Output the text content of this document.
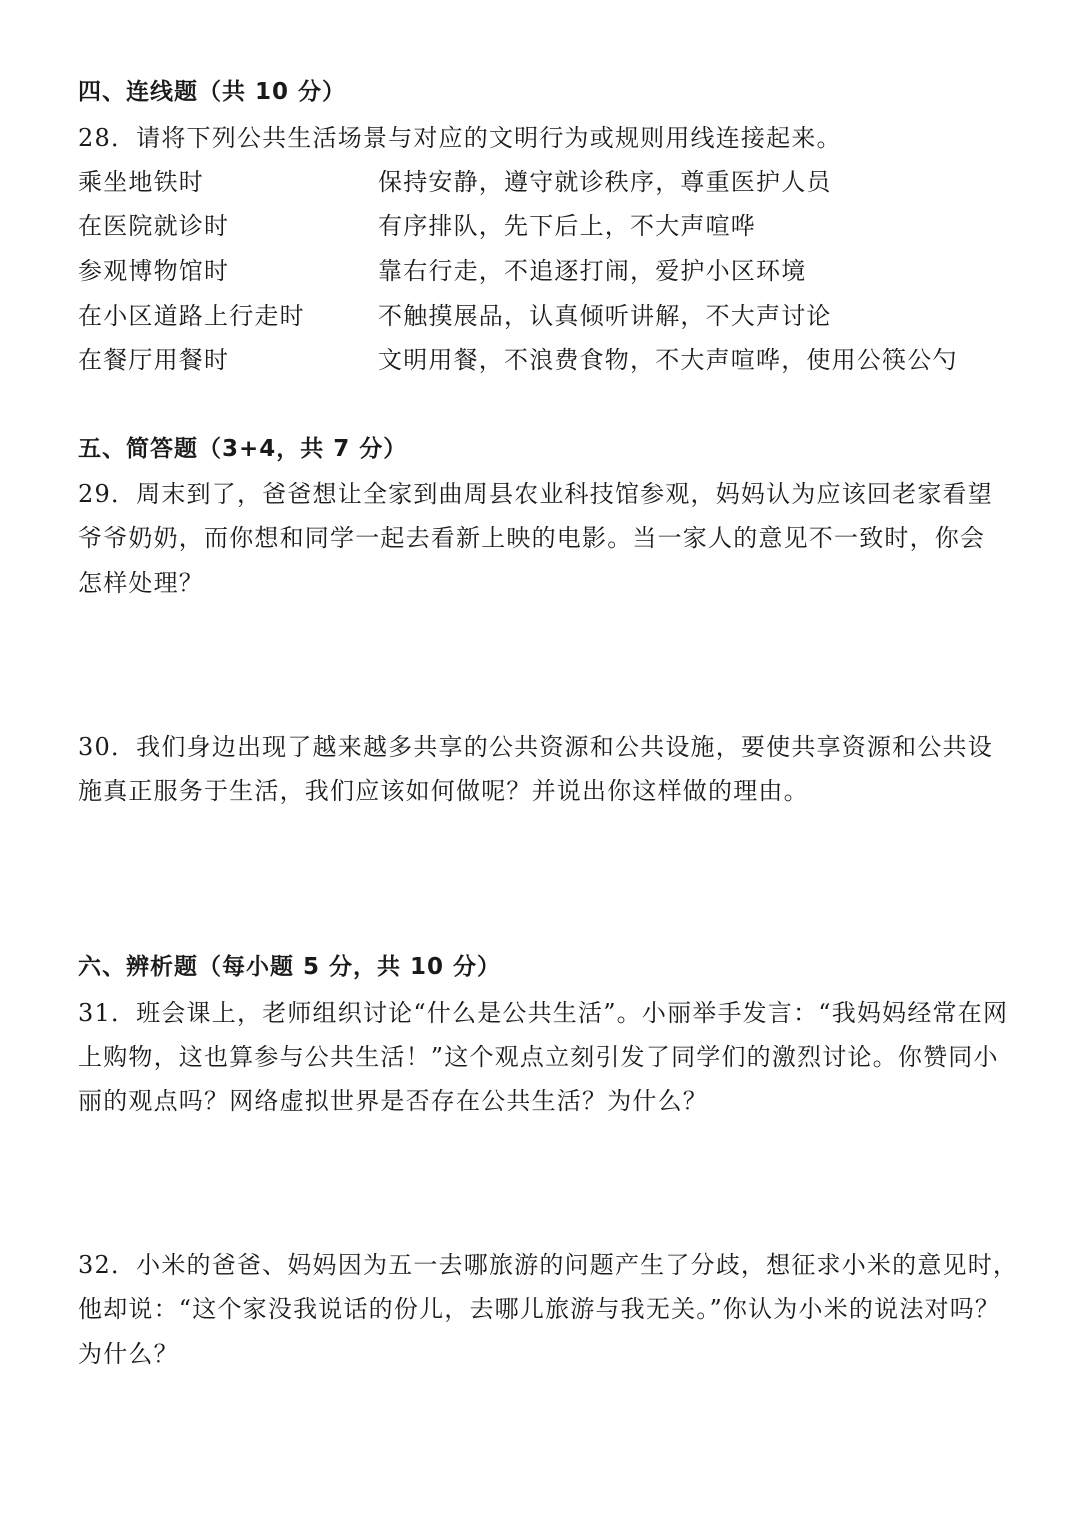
四、连线题（共 10 分）
28．请将下列公共生活场景与对应的文明行为或规则用线连接起来。
乘坐地铁时	保持安静，遵守就诊秩序，尊重医护人员
在医院就诊时	有序排队，先下后上，不大声喧哗
参观博物馆时	靠右行走，不追逐打闹，爱护小区环境
在小区道路上行走时	不触摸展品，认真倾听讲解，不大声讨论
在餐厅用餐时	文明用餐，不浪费食物，不大声喧哗，使用公筷公勺
五、简答题（3+4，共 7 分）
29．周末到了，爸爸想让全家到曲周县农业科技馆参观，妈妈认为应该回老家看望
爷爷奶奶，而你想和同学一起去看新上映的电影。当一家人的意见不一致时，你会
怎样处理？
30．我们身边出现了越来越多共享的公共资源和公共设施，要使共享资源和公共设
施真正服务于生活，我们应该如何做呢？并说出你这样做的理由。
六、辨析题（每小题 5 分，共 10 分）
31．班会课上，老师组织讨论“什么是公共生活”。小丽举手发言：“我妈妈经常在网
上购物，这也算参与公共生活！”这个观点立刻引发了同学们的激烈讨论。你赞同小
丽的观点吗？网络虚拟世界是否存在公共生活？为什么？
32．小米的爸爸、妈妈因为五一去哪旅游的问题产生了分歧，想征求小米的意见时，
他却说：“这个家没我说话的份儿，去哪儿旅游与我无关。”你认为小米的说法对吗？
为什么？
